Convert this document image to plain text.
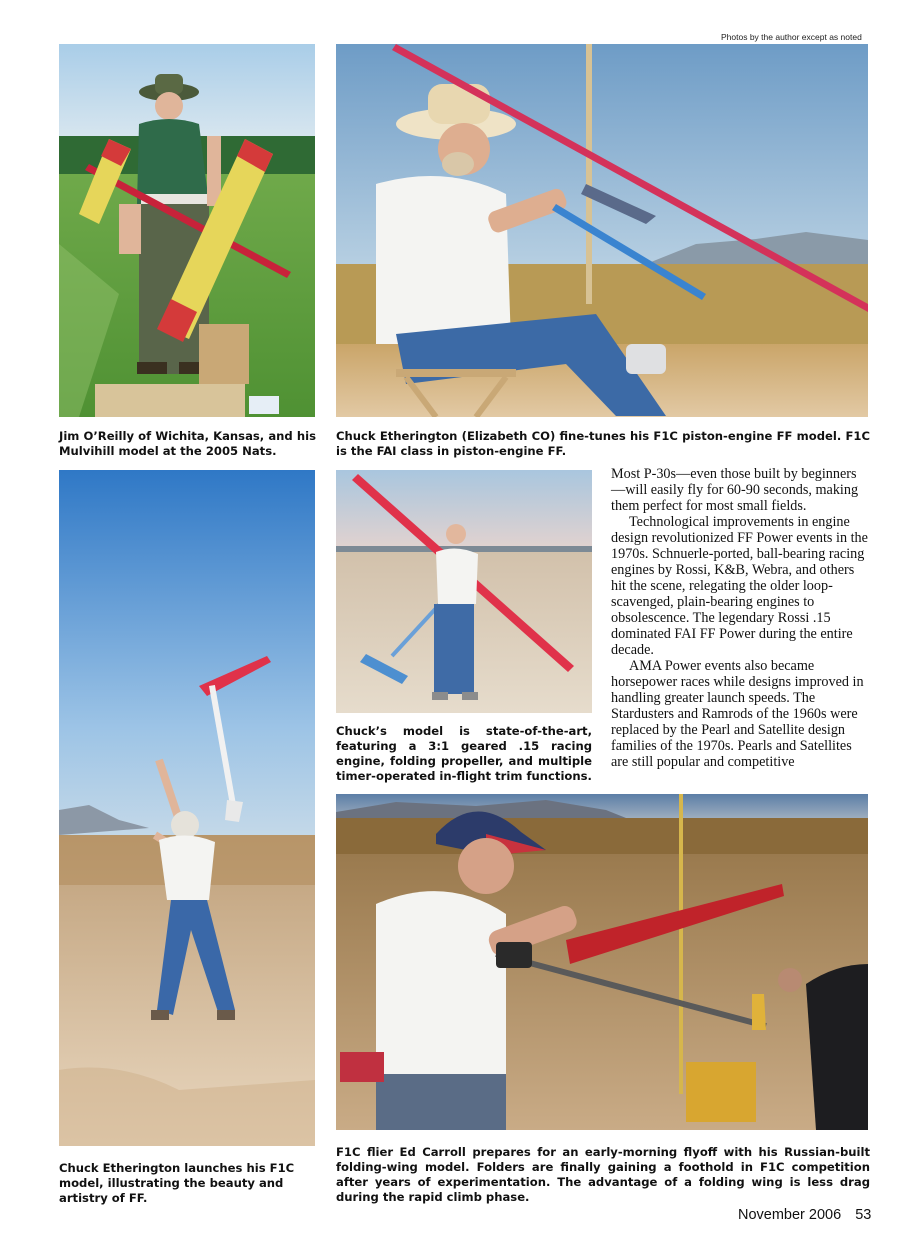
Photos by the author except as noted
Jim O’Reilly of Wichita, Kansas, and his Mulvihill model at the 2005 Nats.
Chuck Etherington (Elizabeth CO) fine-tunes his F1C piston-engine FF model. F1C is the FAI class in piston-engine FF.
Chuck’s model is state-of-the-art, featuring a 3:1 geared .15 racing engine, folding propeller, and multiple timer-operated in-flight trim functions.

Most P-30s—even those built by beginners—will easily fly for 60-90 seconds, making them perfect for most small fields.

Technological improvements in engine design revolutionized FF Power events in the 1970s. Schnuerle-ported, ball-bearing racing engines by Rossi, K&B, Webra, and others hit the scene, relegating the older loop-scavenged, plain-bearing engines to obsolescence. The legendary Rossi .15 dominated FAI FF Power during the entire decade.

AMA Power events also became horsepower races while designs improved in handling greater launch speeds. The Stardusters and Ramrods of the 1960s were replaced by the Pearl and Satellite design families of the 1970s. Pearls and Satellites are still popular and competitive

Chuck Etherington launches his F1C model, illustrating the beauty and artistry of FF.
F1C flier Ed Carroll prepares for an early-morning flyoff with his Russian-built folding-wing model. Folders are finally gaining a foothold in F1C competition after years of experimentation. The advantage of a folding wing is less drag during the rapid climb phase.
November 2006 53
